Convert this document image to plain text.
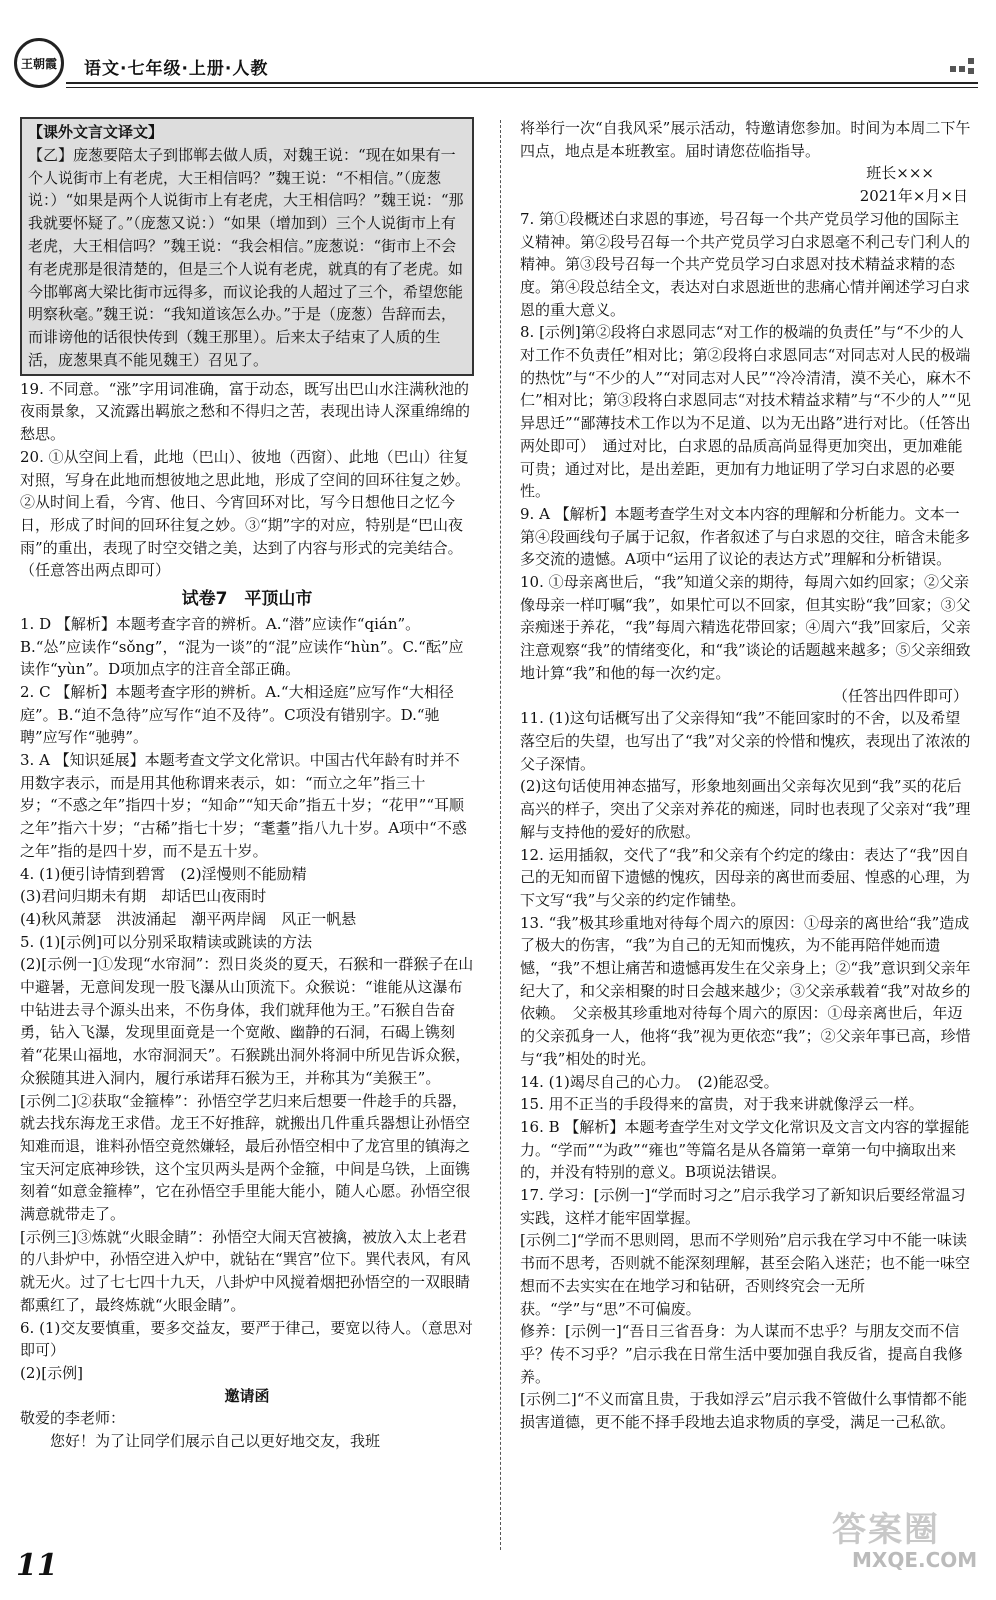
王朝霞	语文·七年级·上册·人教
【课外文言文译文】
【乙】庞葱要陪太子到邯郸去做人质，对魏王说：“现在如果有一个人说街市上有老虎，大王相信吗？”魏王说：“不相信。”（庞葱说：）“如果是两个人说街市上有老虎，大王相信吗？”魏王说：“那我就要怀疑了。”（庞葱又说：）“如果（增加到）三个人说街市上有老虎，大王相信吗？”魏王说：“我会相信。”庞葱说：“街市上不会有老虎那是很清楚的，但是三个人说有老虎，就真的有了老虎。如今邯郸离大梁比街市远得多，而议论我的人超过了三个，希望您能明察秋毫。”魏王说：“我知道该怎么办。”于是（庞葱）告辞而去，而诽谤他的话很快传到（魏王那里）。后来太子结束了人质的生活，庞葱果真不能见魏王）召见了。

19. 不同意。“涨”字用词准确，富于动态，既写出巴山水注满秋池的夜雨景象，又流露出羁旅之愁和不得归之苦，表现出诗人深重绵绵的愁思。

20. ①从空间上看，此地（巴山）、彼地（西窗）、此地（巴山）往复对照，写身在此地而想彼地之思此地，形成了空间的回环往复之妙。②从时间上看，今宵、他日、今宵回环对比，写今日想他日之忆今日，形成了时间的回环往复之妙。③“期”字的对应，特别是“巴山夜雨”的重出，表现了时空交错之美，达到了内容与形式的完美结合。（任意答出两点即可）

试卷7　平顶山市

1. D 【解析】本题考查字音的辨析。A.“潜”应读作“qián”。B.“怂”应读作“sǒng”，“混为一谈”的“混”应读作“hùn”。C.“酝”应读作“yùn”。D项加点字的注音全部正确。

2. C 【解析】本题考查字形的辨析。A.“大相迳庭”应写作“大相径庭”。B.“迫不急待”应写作“迫不及待”。C项没有错别字。D.“驰聘”应写作“驰骋”。

3. A 【知识延展】本题考查文学文化常识。中国古代年龄有时并不用数字表示，而是用其他称谓来表示，如：“而立之年”指三十岁；“不惑之年”指四十岁；“知命”“知天命”指五十岁；“花甲”“耳顺之年”指六十岁；“古稀”指七十岁；“耄耋”指八九十岁。A项中“不惑之年”指的是四十岁，而不是五十岁。

4. (1)便引诗情到碧霄　(2)淫慢则不能励精

(3)君问归期未有期　却话巴山夜雨时

(4)秋风萧瑟　洪波涌起　潮平两岸阔　风正一帆悬

5. (1)[示例]可以分别采取精读或跳读的方法

(2)[示例一]①发现“水帘洞”：烈日炎炎的夏天，石猴和一群猴子在山中避暑，无意间发现一股飞瀑从山顶流下。众猴说：“谁能从这瀑布中钻进去寻个源头出来，不伤身体，我们就拜他为王。”石猴自告奋勇，钻入飞瀑，发现里面竟是一个宽敞、幽静的石洞，石碣上镌刻着“花果山福地，水帘洞洞天”。石猴跳出洞外将洞中所见告诉众猴，众猴随其进入洞内，履行承诺拜石猴为王，并称其为“美猴王”。

[示例二]②获取“金箍棒”：孙悟空学艺归来后想要一件趁手的兵器，就去找东海龙王求借。龙王不好推辞，就搬出几件重兵器想让孙悟空知难而退，谁料孙悟空竟然嫌轻，最后孙悟空相中了龙宫里的镇海之宝天河定底神珍铁，这个宝贝两头是两个金箍，中间是乌铁，上面镌刻着“如意金箍棒”，它在孙悟空手里能大能小，随人心愿。孙悟空很满意就带走了。

[示例三]③炼就“火眼金睛”：孙悟空大闹天宫被擒，被放入太上老君的八卦炉中，孙悟空进入炉中，就钻在“巽宫”位下。巽代表风，有风就无火。过了七七四十九天，八卦炉中风搅着烟把孙悟空的一双眼睛都熏红了，最终炼就“火眼金睛”。

6. (1)交友要慎重，要多交益友，要严于律己，要宽以待人。（意思对即可）

(2)[示例]

邀请函

敬爱的李老师：

您好！为了让同学们展示自己以更好地交友，我班

将举行一次“自我风采”展示活动，特邀请您参加。时间为本周二下午四点，地点是本班教室。届时请您莅临指导。

班长×××

2021年×月×日

7. 第①段概述白求恩的事迹，号召每一个共产党员学习他的国际主义精神。第②段号召每一个共产党员学习白求恩毫不利己专门利人的精神。第③段号召每一个共产党员学习白求恩对技术精益求精的态度。第④段总结全文，表达对白求恩逝世的悲痛心情并阐述学习白求恩的重大意义。

8. [示例]第②段将白求恩同志“对工作的极端的负责任”与“不少的人对工作不负责任”相对比；第②段将白求恩同志“对同志对人民的极端的热忱”与“不少的人”“对同志对人民”“冷冷清清，漠不关心，麻木不仁”相对比；第③段将白求恩同志“对技术精益求精”与“不少的人”“见异思迁”“鄙薄技术工作以为不足道、以为无出路”进行对比。（任答出两处即可）　通过对比，白求恩的品质高尚显得更加突出，更加难能可贵；通过对比，是出差距，更加有力地证明了学习白求恩的必要性。

9. A 【解析】本题考查学生对文本内容的理解和分析能力。文本一第④段画线句子属于记叙，作者叙述了与白求恩的交往，暗含未能多多交流的遗憾。A项中“运用了议论的表达方式”理解和分析错误。

10. ①母亲离世后，“我”知道父亲的期待，每周六如约回家；②父亲像母亲一样叮嘱“我”，如果忙可以不回家，但其实盼“我”回家；③父亲痴迷于养花，“我”每周六精选花带回家；④周六“我”回家后，父亲注意观察“我”的情绪变化，和“我”谈论的话题越来越多；⑤父亲细致地计算“我”和他的每一次约定。

（任答出四件即可）

11. (1)这句话概写出了父亲得知“我”不能回家时的不舍，以及希望落空后的失望，也写出了“我”对父亲的怜惜和愧疚，表现出了浓浓的父子深情。

(2)这句话使用神态描写，形象地刻画出父亲每次见到“我”买的花后高兴的样子，突出了父亲对养花的痴迷，同时也表现了父亲对“我”理解与支持他的爱好的欣慰。

12. 运用插叙，交代了“我”和父亲有个约定的缘由：表达了“我”因自己的无知而留下遗憾的愧疚，因母亲的离世而委屈、惶惑的心理，为下文写“我”与父亲的约定作铺垫。

13. “我”极其珍重地对待每个周六的原因：①母亲的离世给“我”造成了极大的伤害，“我”为自己的无知而愧疚，为不能再陪伴她而遗憾，“我”不想让痛苦和遗憾再发生在父亲身上；②“我”意识到父亲年纪大了，和父亲相聚的时日会越来越少；③父亲承载着“我”对故乡的依赖。　父亲极其珍重地对待每个周六的原因：①母亲离世后，年迈的父亲孤身一人，他将“我”视为更依恋“我”；②父亲年事已高，珍惜与“我”相处的时光。

14. (1)竭尽自己的心力。　(2)能忍受。

15. 用不正当的手段得来的富贵，对于我来讲就像浮云一样。

16. B 【解析】本题考查学生对文学文化常识及文言文内容的掌握能力。“学而”“为政”“雍也”等篇名是从各篇第一章第一句中摘取出来的，并没有特别的意义。B项说法错误。

17. 学习：[示例一]“学而时习之”启示我学习了新知识后要经常温习实践，这样才能牢固掌握。

[示例二]“学而不思则罔，思而不学则殆”启示我在学习中不能一味读书而不思考，否则就不能深刻理解，甚至会陷入迷茫；也不能一味空想而不去实实在在地学习和钻研，否则终究会一无所获。“学”与“思”不可偏废。

修养：[示例一]“吾日三省吾身：为人谋而不忠乎？与朋友交而不信乎？传不习乎？”启示我在日常生活中要加强自我反省，提高自我修养。

[示例二]“不义而富且贵，于我如浮云”启示我不管做什么事情都不能损害道德，更不能不择手段地去追求物质的享受，满足一己私欲。

11
答案圈
MXQE.COM
